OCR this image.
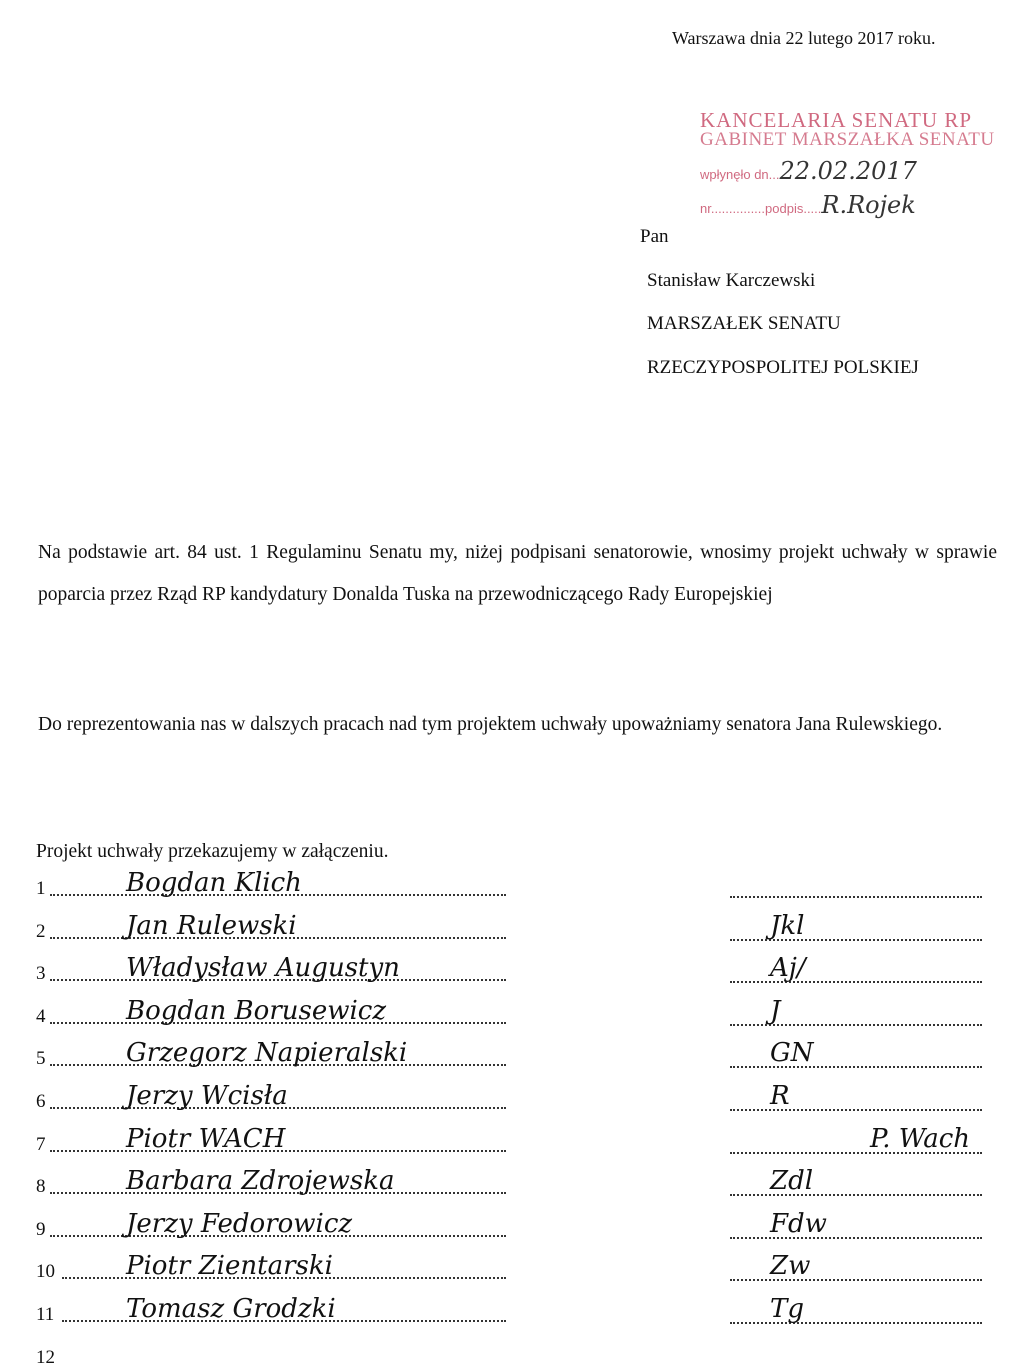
Warszawa dnia 22 lutego 2017 roku.
KANCELARIA SENATU RP
GABINET MARSZAŁKA SENATU
wpłynęło dn...22.02.2017
nr...............podpis.....R.Rojek
Pan
Stanisław Karczewski
MARSZAŁEK SENATU
RZECZYPOSPOLITEJ POLSKIEJ
Na podstawie art. 84 ust. 1 Regulaminu Senatu my, niżej podpisani senatorowie, wnosimy projekt uchwały w sprawie poparcia przez Rząd RP kandydatury Donalda Tuska na przewodniczącego Rady Europejskiej
Do reprezentowania nas w dalszych pracach nad tym projektem uchwały upoważniamy senatora Jana Rulewskiego.
Projekt uchwały przekazujemy w załączeniu.
1	Bogdan Klich
2	Jan Rulewski	Jkl
3	Władysław Augustyn	Aj/
4	Bogdan Borusewicz	J
5	Grzegorz Napieralski	GN
6	Jerzy Wcisła	R
7	Piotr WACH	P. Wach
8	Barbara Zdrojewska	Zdl
9	Jerzy Fedorowicz	Fdw
10	Piotr Zientarski	Zw
11	Tomasz Grodzki	Tg
12
